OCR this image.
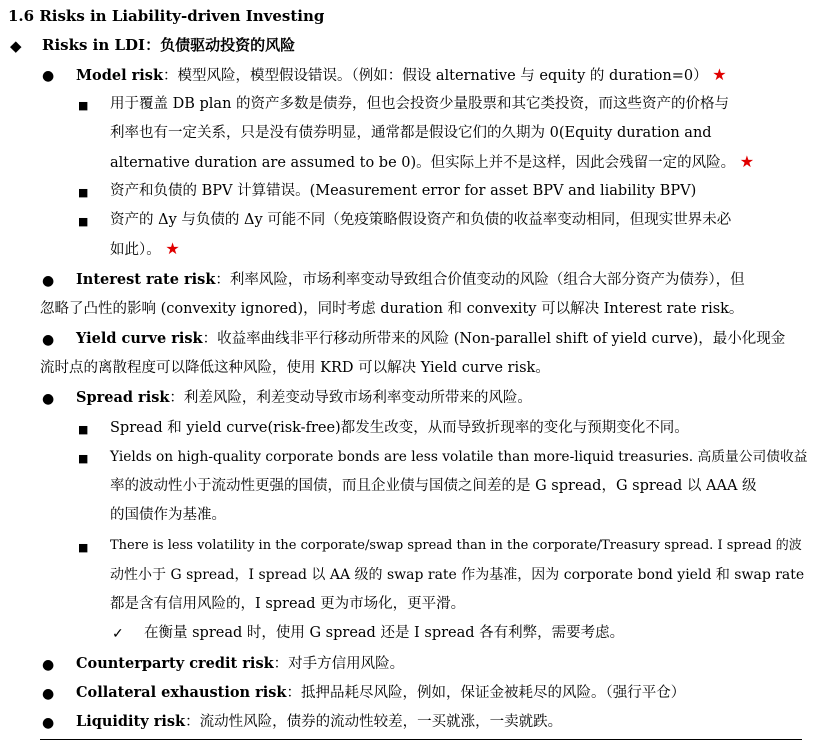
1.6 Risks in Liability-driven Investing
◆ Risks in LDI：负债驱动投资的风险
● Model risk：模型风险，模型假设错误。（例如：假设 alternative 与 equity 的 duration=0） ★
■ 用于覆盖 DB plan 的资产多数是债券，但也会投资少量股票和其它类投资，而这些资产的价格与
利率也有一定关系，只是没有债券明显，通常都是假设它们的久期为 0(Equity duration and
alternative duration are assumed to be 0)。但实际上并不是这样，因此会残留一定的风险。 ★
■ 资产和负债的 BPV 计算错误。(Measurement error for asset BPV and liability BPV)
■ 资产的 Δy 与负债的 Δy 可能不同（免疫策略假设资产和负债的收益率变动相同，但现实世界未必
如此）。 ★
● Interest rate risk：利率风险，市场利率变动导致组合价值变动的风险（组合大部分资产为债券），但
忽略了凸性的影响 (convexity ignored)，同时考虑 duration 和 convexity 可以解决 Interest rate risk。
● Yield curve risk：收益率曲线非平行移动所带来的风险 (Non-parallel shift of yield curve)，最小化现金
流时点的离散程度可以降低这种风险，使用 KRD 可以解决 Yield curve risk。
● Spread risk：利差风险，利差变动导致市场利率变动所带来的风险。
■ Spread 和 yield curve(risk-free)都发生改变，从而导致折现率的变化与预期变化不同。
■ Yields on high-quality corporate bonds are less volatile than more-liquid treasuries. 高质量公司债收益
率的波动性小于流动性更强的国债，而且企业债与国债之间差的是 G spread，G spread 以 AAA 级
的国债作为基准。
■ There is less volatility in the corporate/swap spread than in the corporate/Treasury spread. I spread 的波
动性小于 G spread，I spread 以 AA 级的 swap rate 作为基准，因为 corporate bond yield 和 swap rate
都是含有信用风险的，I spread 更为市场化，更平滑。
✓ 在衡量 spread 时，使用 G spread 还是 I spread 各有利弊，需要考虑。
● Counterparty credit risk：对手方信用风险。
● Collateral exhaustion risk：抵押品耗尽风险，例如，保证金被耗尽的风险。（强行平仓）
● Liquidity risk：流动性风险，债券的流动性较差，一买就涨，一卖就跌。
